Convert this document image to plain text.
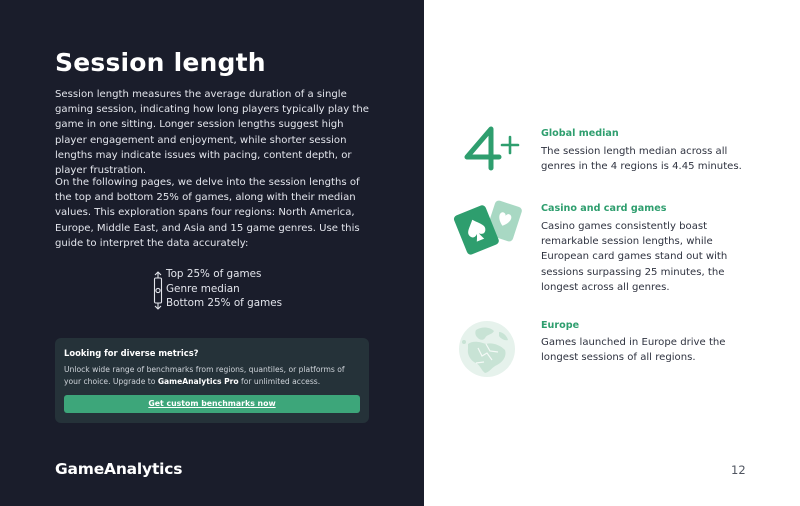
Session length

Session length measures the average duration of a single gaming session, indicating how long players typically play the game in one sitting. Longer session lengths suggest high player engagement and enjoyment, while shorter session lengths may indicate issues with pacing, content depth, or player frustration.

On the following pages, we delve into the session lengths of the top and bottom 25% of games, along with their median values. This exploration spans four regions: North America, Europe, Middle East, and Asia and 15 game genres. Use this guide to interpret the data accurately:

Top 25% of games
Genre median
Bottom 25% of games
Looking for diverse metrics?
Unlock wide range of benchmarks from regions, quantiles, or platforms of your choice. Upgrade to GameAnalytics Pro for unlimited access.
Get custom benchmarks now
GameAnalytics
Global median
The session length median across all genres in the 4 regions is 4.45 minutes.
Casino and card games
Casino games consistently boast remarkable session lengths, while European card games stand out with sessions surpassing 25 minutes, the longest across all genres.
Europe
Games launched in Europe drive the longest sessions of all regions.
12
